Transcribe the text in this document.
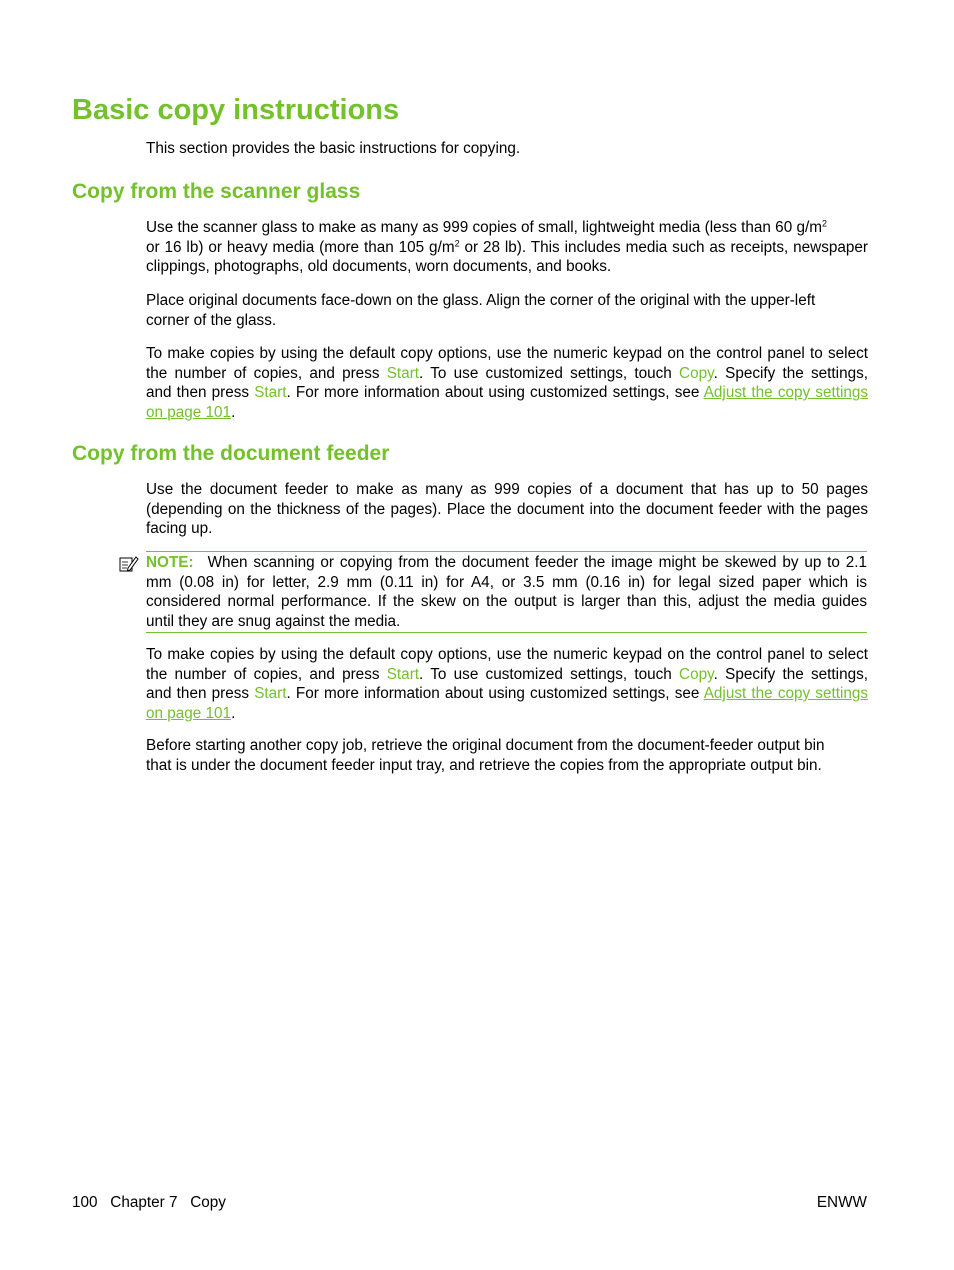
Basic copy instructions

This section provides the basic instructions for copying.

Copy from the scanner glass

Use the scanner glass to make as many as 999 copies of small, lightweight media (less than 60 $g/m^2$
or 16 lb) or heavy media (more than 105 $g/m^2$ or 28 lb). This includes media such as receipts, newspaper
clippings, photographs, old documents, worn documents, and books.

Place original documents face-down on the glass. Align the corner of the original with the upper-left
corner of the glass.

To make copies by using the default copy options, use the numeric keypad on the control panel to select
the number of copies, and press Start. To use customized settings, touch Copy. Specify the settings,
and then press Start. For more information about using customized settings, see Adjust the copy settings
on page 101.

Copy from the document feeder

Use the document feeder to make as many as 999 copies of a document that has up to 50 pages
(depending on the thickness of the pages). Place the document into the document feeder with the pages
facing up.

NOTE: When scanning or copying from the document feeder the image might be skewed by up to 2.1
mm (0.08 in) for letter, 2.9 mm (0.11 in) for A4, or 3.5 mm (0.16 in) for legal sized paper which is
considered normal performance. If the skew on the output is larger than this, adjust the media guides
until they are snug against the media.

To make copies by using the default copy options, use the numeric keypad on the control panel to select
the number of copies, and press Start. To use customized settings, touch Copy. Specify the settings,
and then press Start. For more information about using customized settings, see Adjust the copy settings
on page 101.

Before starting another copy job, retrieve the original document from the document-feeder output bin
that is under the document feeder input tray, and retrieve the copies from the appropriate output bin.

100   Chapter 7   Copy	ENWW
